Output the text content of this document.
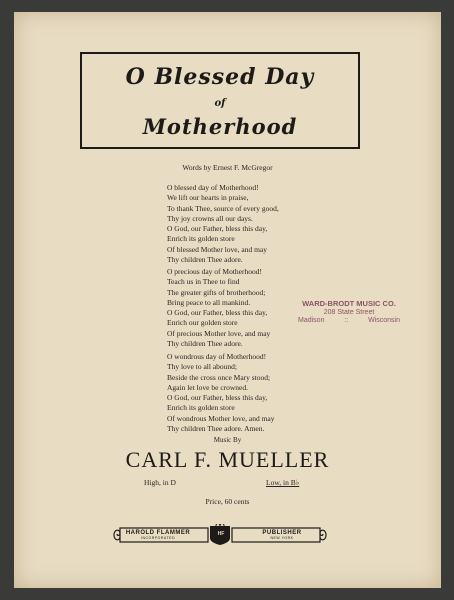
O Blessed Day
of
Motherhood
Words by Ernest F. McGregor
O blessed day of Motherhood!
We lift our hearts in praise,
To thank Thee, source of every good,
Thy joy crowns all our days.
O God, our Father, bless this day,
Enrich its golden store
Of blessed Mother love, and may
Thy children Thee adore.
O precious day of Motherhood!
Teach us in Thee to find
The greater gifts of brotherhood;
Bring peace to all mankind.
O God, our Father, bless this day,
Enrich our golden store
Of precious Mother love, and may
Thy children Thee adore.
O wondrous day of Motherhood!
Thy love to all abound;
Beside the cross once Mary stood;
Again let love be crowned.
O God, our Father, bless this day,
Enrich its golden store
Of wondrous Mother love, and may
Thy children Thee adore. Amen.
WARD-BRODT MUSIC CO.
208 State Street
Madison	::	Wisconsin
Music By
CARL F. MUELLER
High, in D	Low, in B♭
Price, 60 cents
HAROLD FLAMMER
INCORPORATED
HF	PUBLISHER
NEW YORK
